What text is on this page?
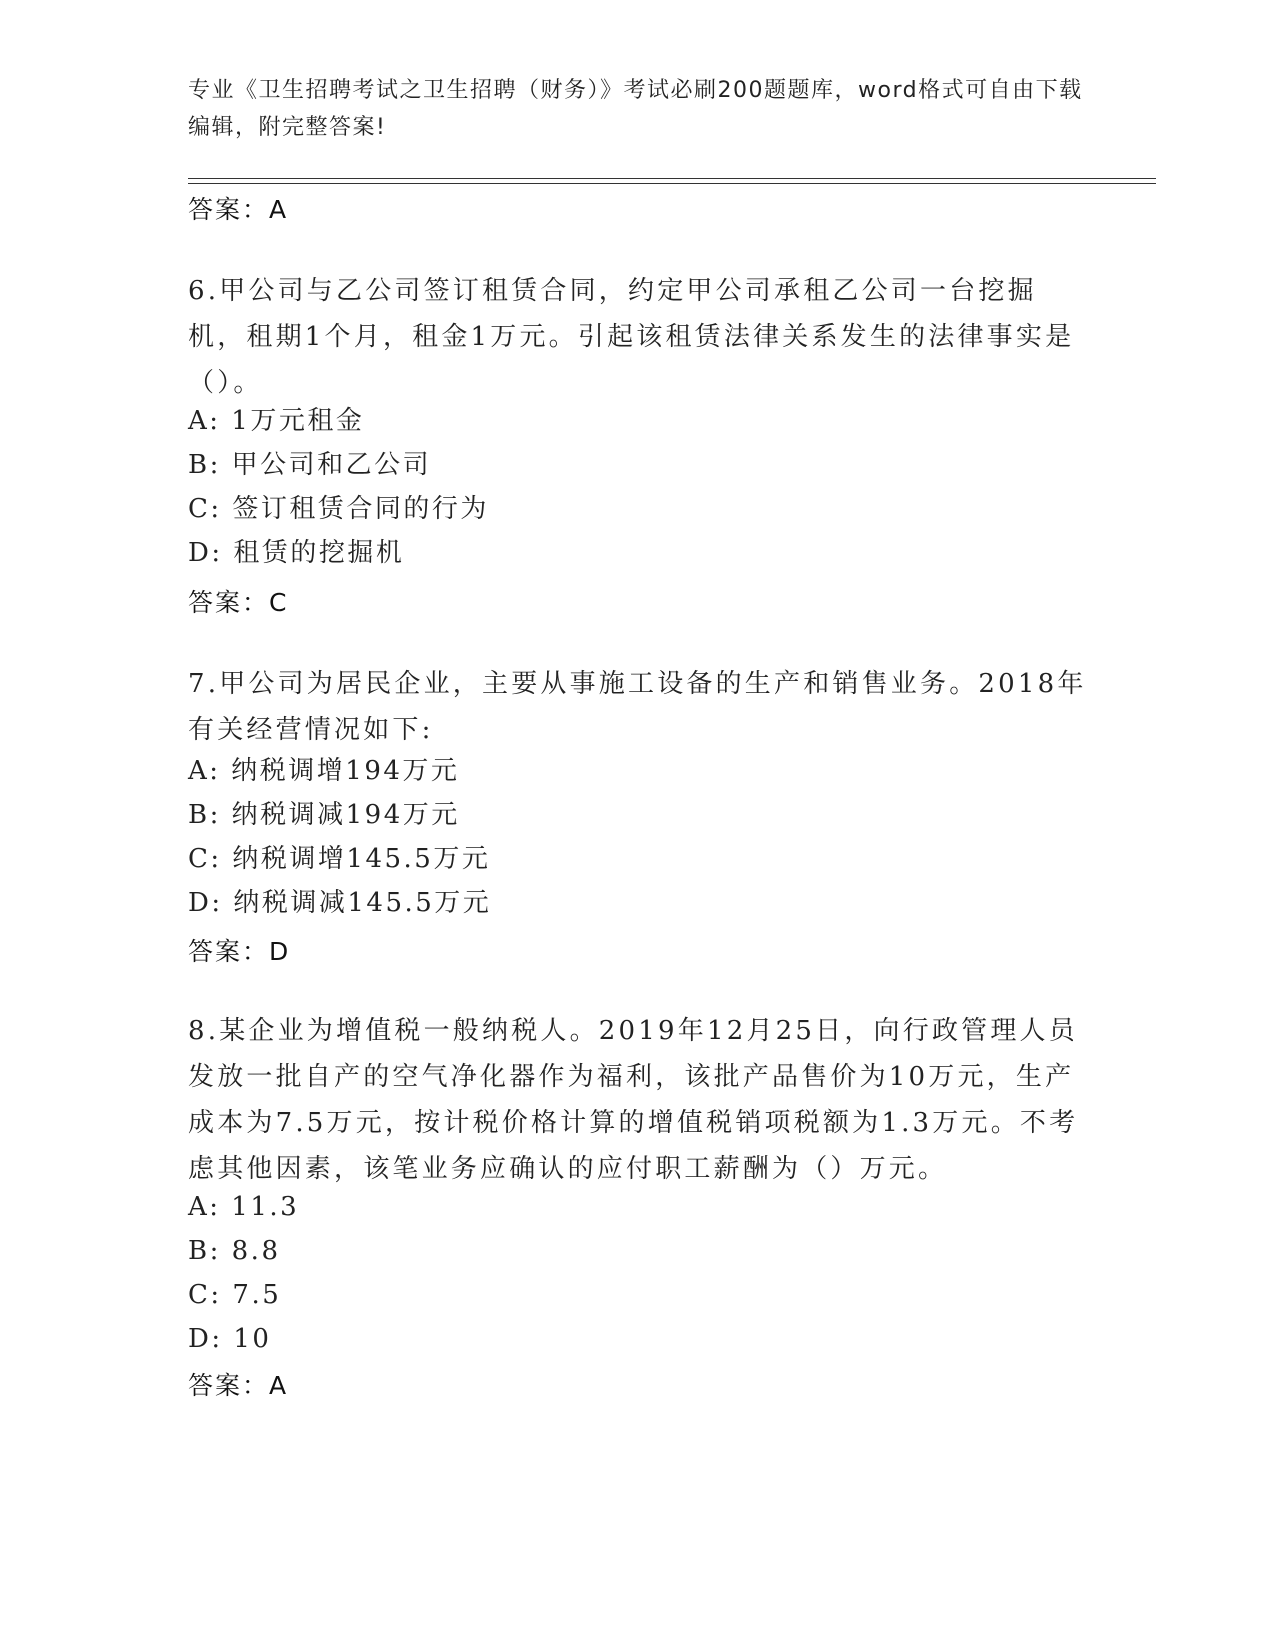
专业《卫生招聘考试之卫生招聘（财务）》考试必刷200题题库，word格式可自由下载编辑，附完整答案!
答案：A
6.甲公司与乙公司签订租赁合同，约定甲公司承租乙公司一台挖掘机，租期1个月，租金1万元。引起该租赁法律关系发生的法律事实是（）。
A: 1万元租金
B: 甲公司和乙公司
C: 签订租赁合同的行为
D: 租赁的挖掘机
答案：C
7.甲公司为居民企业，主要从事施工设备的生产和销售业务。2018年有关经营情况如下:
A: 纳税调增194万元
B: 纳税调减194万元
C: 纳税调增145.5万元
D: 纳税调减145.5万元
答案：D
8.某企业为增值税一般纳税人。2019年12月25日，向行政管理人员发放一批自产的空气净化器作为福利，该批产品售价为10万元，生产成本为7.5万元，按计税价格计算的增值税销项税额为1.3万元。不考虑其他因素，该笔业务应确认的应付职工薪酬为（）万元。
A: 11.3
B: 8.8
C: 7.5
D: 10
答案：A
